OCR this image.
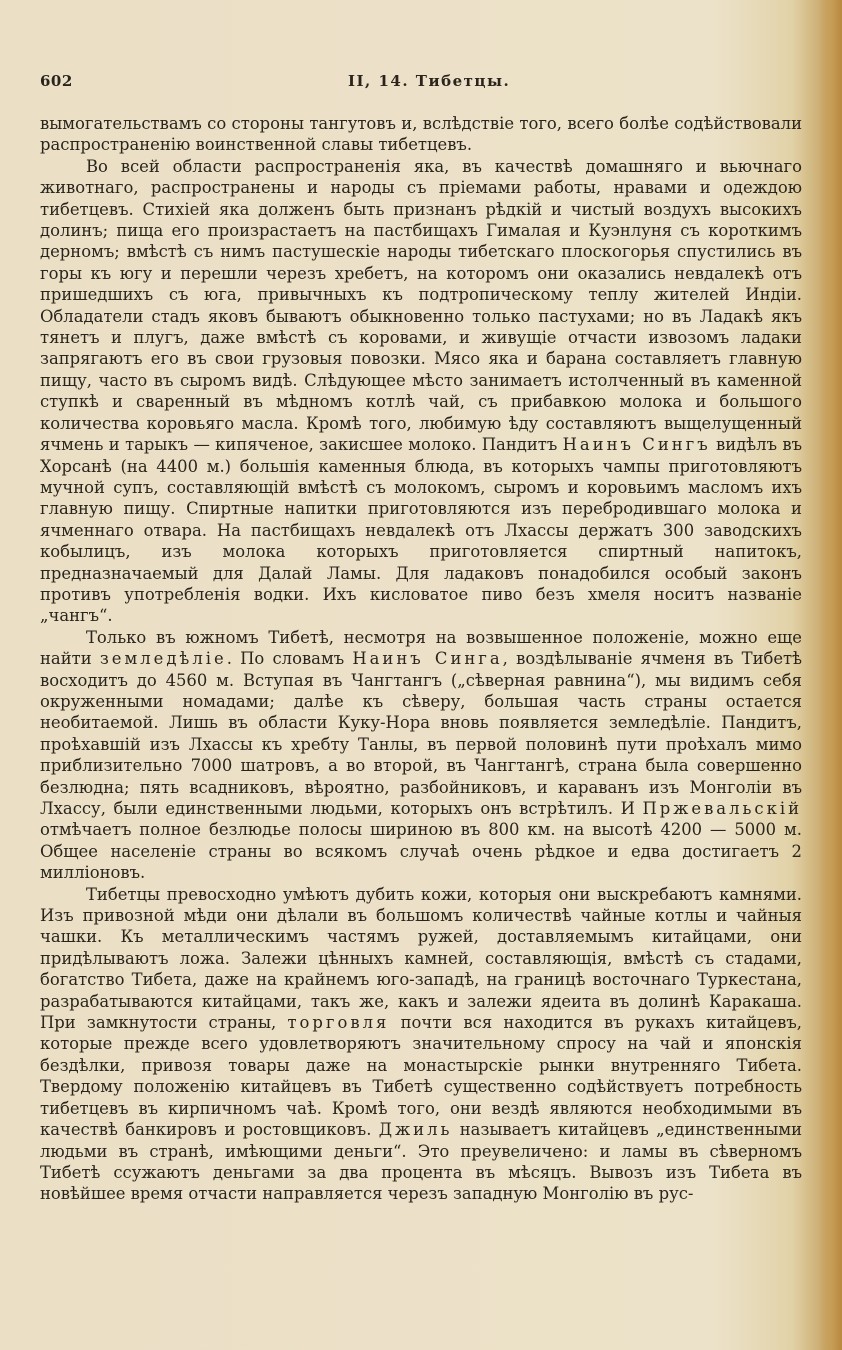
602	II, 14. Тибетцы.

вымогательствамъ со стороны тангутовъ и, вслѣдствіе того, всего болѣе содѣйствовали распространенію воинственной славы тибетцевъ.

Во всей области распространенія яка, въ качествѣ домашняго и вьючнаго животнаго, распространены и народы съ пріемами работы, нравами и одеждою тибетцевъ. Стихіей яка долженъ быть признанъ рѣдкій и чистый воздухъ высокихъ долинъ; пища его произрастаетъ на пастбищахъ Гималая и Куэнлуня съ короткимъ дерномъ; вмѣстѣ съ нимъ пастушескіе народы тибетскаго плоскогорья спустились въ горы къ югу и перешли черезъ хребетъ, на которомъ они оказались невдалекѣ отъ пришедшихъ съ юга, привычныхъ къ подтропическому теплу жителей Индіи. Обладатели стадъ яковъ бываютъ обыкновенно только пастухами; но въ Ладакѣ якъ тянетъ и плугъ, даже вмѣстѣ съ коровами, и живущіе отчасти извозомъ ладаки запрягаютъ его въ свои грузовыя повозки. Мясо яка и барана составляетъ главную пищу, часто въ сыромъ видѣ. Слѣдующее мѣсто занимаетъ истолченный въ каменной ступкѣ и сваренный въ мѣдномъ котлѣ чай, съ прибавкою молока и большого количества коровьяго масла. Кромѣ того, любимую ѣду составляютъ выщелущенный ячмень и тарыкъ — кипяченое, закисшее молоко. Пандитъ Наинъ Сингъ видѣлъ въ Хорсанѣ (на 4400 м.) большія каменныя блюда, въ которыхъ чампы приготовляютъ мучной супъ, составляющій вмѣстѣ съ молокомъ, сыромъ и коровьимъ масломъ ихъ главную пищу. Спиртные напитки приготовляются изъ перебродившаго молока и ячменнаго отвара. На пастбищахъ невдалекѣ отъ Лхассы держатъ 300 заводскихъ кобылицъ, изъ молока которыхъ приготовляется спиртный напитокъ, предназначаемый для Далай Ламы. Для ладаковъ понадобился особый законъ противъ употребленія водки. Ихъ кисловатое пиво безъ хмеля носитъ названіе „чангъ“.

Только въ южномъ Тибетѣ, несмотря на возвышенное положеніе, можно еще найти земледѣліе. По словамъ Наинъ Синга, воздѣлываніе ячменя въ Тибетѣ восходитъ до 4560 м. Вступая въ Чангтангъ („сѣверная равнина“), мы видимъ себя окруженными номадами; далѣе къ сѣверу, большая часть страны остается необитаемой. Лишь въ области Куку-Нора вновь появляется земледѣліе. Пандитъ, проѣхавшій изъ Лхассы къ хребту Танлы, въ первой половинѣ пути проѣхалъ мимо приблизительно 7000 шатровъ, а во второй, въ Чангтангѣ, страна была совершенно безлюдна; пять всадниковъ, вѣроятно, разбойниковъ, и караванъ изъ Монголіи въ Лхассу, были единственными людьми, которыхъ онъ встрѣтилъ. И Пржевальскій отмѣчаетъ полное безлюдье полосы шириною въ 800 км. на высотѣ 4200 — 5000 м. Общее населеніе страны во всякомъ случаѣ очень рѣдкое и едва достигаетъ 2 милліоновъ.

Тибетцы превосходно умѣютъ дубить кожи, которыя они выскребаютъ камнями. Изъ привозной мѣди они дѣлали въ большомъ количествѣ чайные котлы и чайныя чашки. Къ металлическимъ частямъ ружей, доставляемымъ китайцами, они придѣлываютъ ложа. Залежи цѣнныхъ камней, составляющія, вмѣстѣ съ стадами, богатство Тибета, даже на крайнемъ юго-западѣ, на границѣ восточнаго Туркестана, разрабатываются китайцами, такъ же, какъ и залежи ядеита въ долинѣ Каракаша. При замкнутости страны, торговля почти вся находится въ рукахъ китайцевъ, которые прежде всего удовлетворяютъ значительному спросу на чай и японскія бездѣлки, привозя товары даже на монастырскіе рынки внутренняго Тибета. Твердому положенію китайцевъ въ Тибетѣ существенно содѣйствуетъ потребность тибетцевъ въ кирпичномъ чаѣ. Кромѣ того, они вездѣ являются необходимыми въ качествѣ банкировъ и ростовщиковъ. Джиль называетъ китайцевъ „единственными людьми въ странѣ, имѣющими деньги“. Это преувеличено: и ламы въ сѣверномъ Тибетѣ ссужаютъ деньгами за два процента въ мѣсяцъ. Вывозъ изъ Тибета въ новѣйшее время отчасти направляется черезъ западную Монголію въ рус-
